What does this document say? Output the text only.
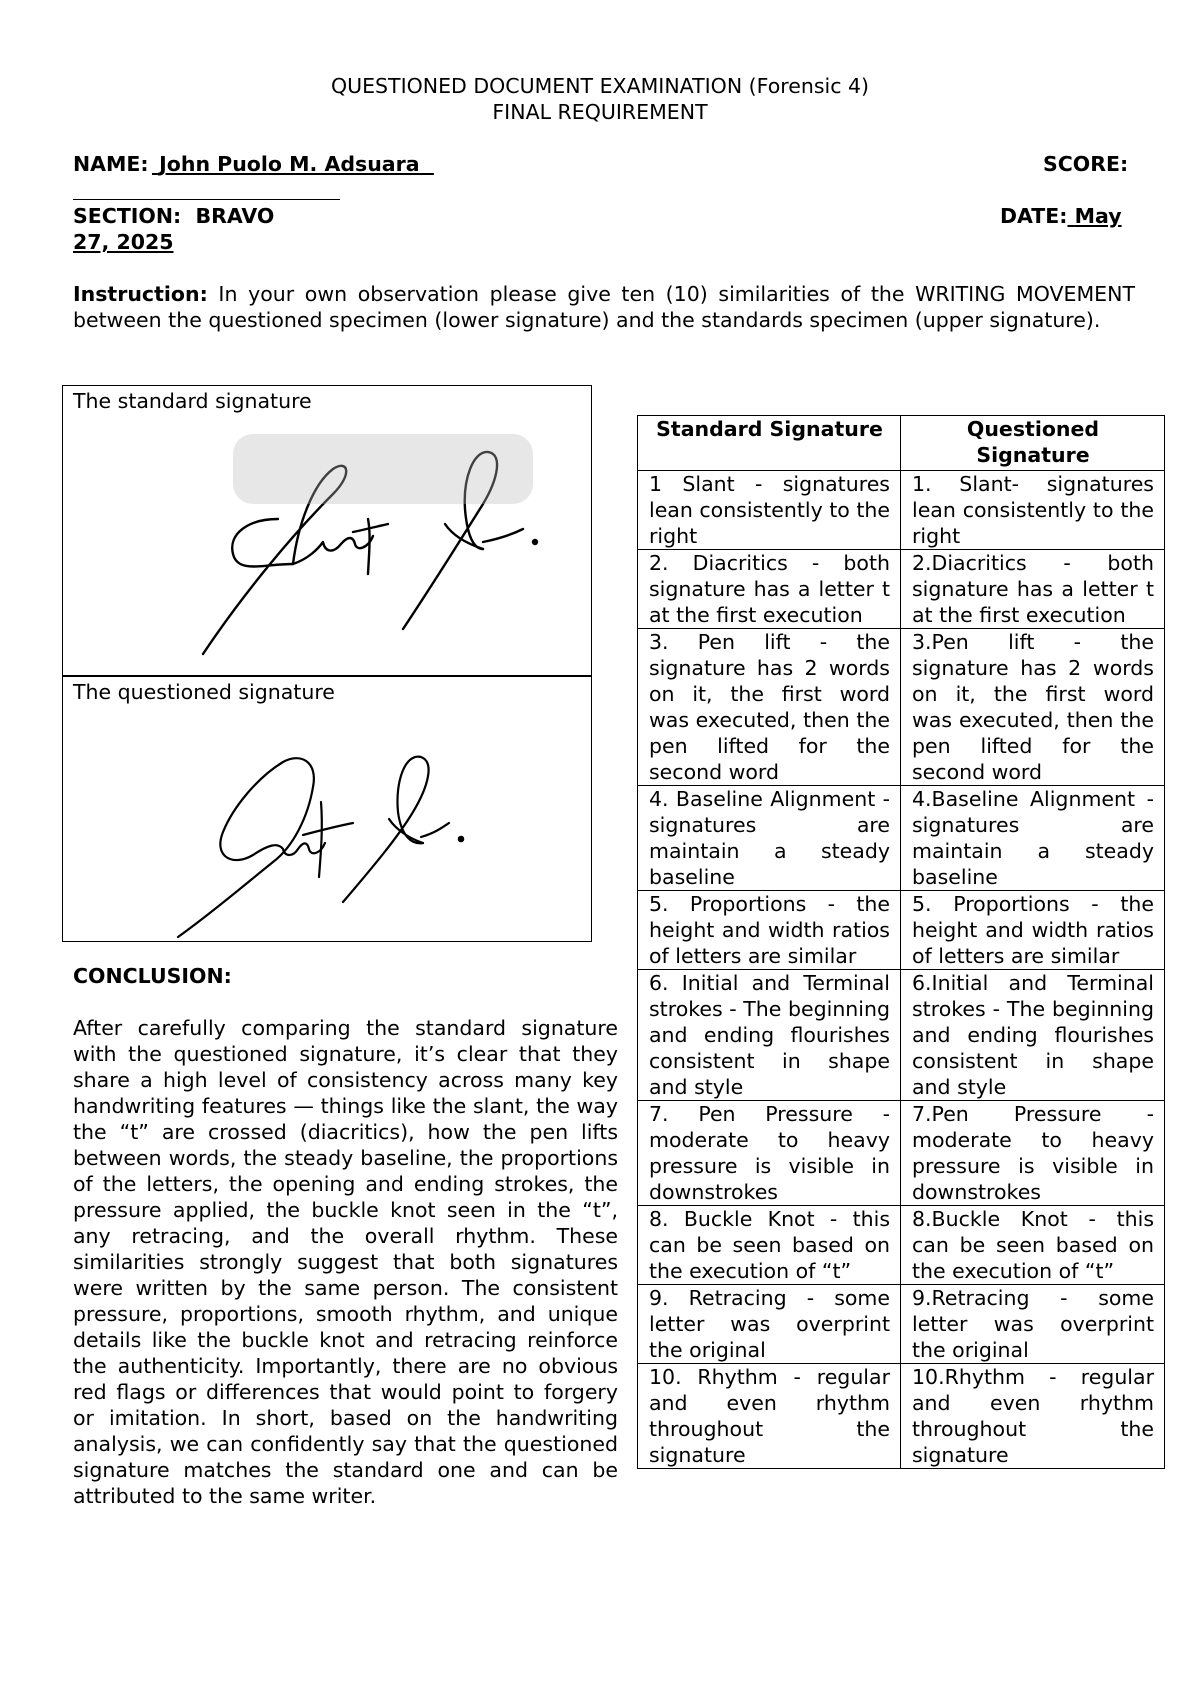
QUESTIONED DOCUMENT EXAMINATION (Forensic 4)
FINAL REQUIREMENT
NAME: John Puolo M. Adsuara	SCORE:
SECTION: BRAVO	DATE: May
27, 2025
Instruction: In your own observation please give ten (10) similarities of the WRITING MOVEMENT between the questioned specimen (lower signature) and the standards specimen (upper signature).
The standard signature
The questioned signature
Standard Signature	Questioned Signature
1 Slant - signatures lean consistently to the right	1. Slant- signatures lean consistently to the right
2. Diacritics - both signature has a letter t at the first execution	2.Diacritics - both signature has a letter t at the first execution
3. Pen lift - the signature has 2 words on it, the first word was executed, then the pen lifted for the second word	3.Pen lift - the signature has 2 words on it, the first word was executed, then the pen lifted for the second word
4. Baseline Alignment - signatures are maintain a steady baseline	4.Baseline Alignment - signatures are maintain a steady baseline
5. Proportions - the height and width ratios of letters are similar	5. Proportions - the height and width ratios of letters are similar
6. Initial and Terminal strokes - The beginning and ending flourishes consistent in shape and style	6.Initial and Terminal strokes - The beginning and ending flourishes consistent in shape and style
7. Pen Pressure - moderate to heavy pressure is visible in downstrokes	7.Pen Pressure - moderate to heavy pressure is visible in downstrokes
8. Buckle Knot - this can be seen based on the execution of “t”	8.Buckle Knot - this can be seen based on the execution of “t”
9. Retracing - some letter was overprint the original	9.Retracing - some letter was overprint the original
10. Rhythm - regular and even rhythm throughout the signature	10.Rhythm - regular and even rhythm throughout the signature
CONCLUSION:
After carefully comparing the standard signature with the questioned signature, it’s clear that they share a high level of consistency across many key handwriting features — things like the slant, the way the “t” are crossed (diacritics), how the pen lifts between words, the steady baseline, the proportions of the letters, the opening and ending strokes, the pressure applied, the buckle knot seen in the “t”, any retracing, and the overall rhythm. These similarities strongly suggest that both signatures were written by the same person. The consistent pressure, proportions, smooth rhythm, and unique details like the buckle knot and retracing reinforce the authenticity. Importantly, there are no obvious red flags or differences that would point to forgery or imitation. In short, based on the handwriting analysis, we can confidently say that the questioned signature matches the standard one and can be attributed to the same writer.
